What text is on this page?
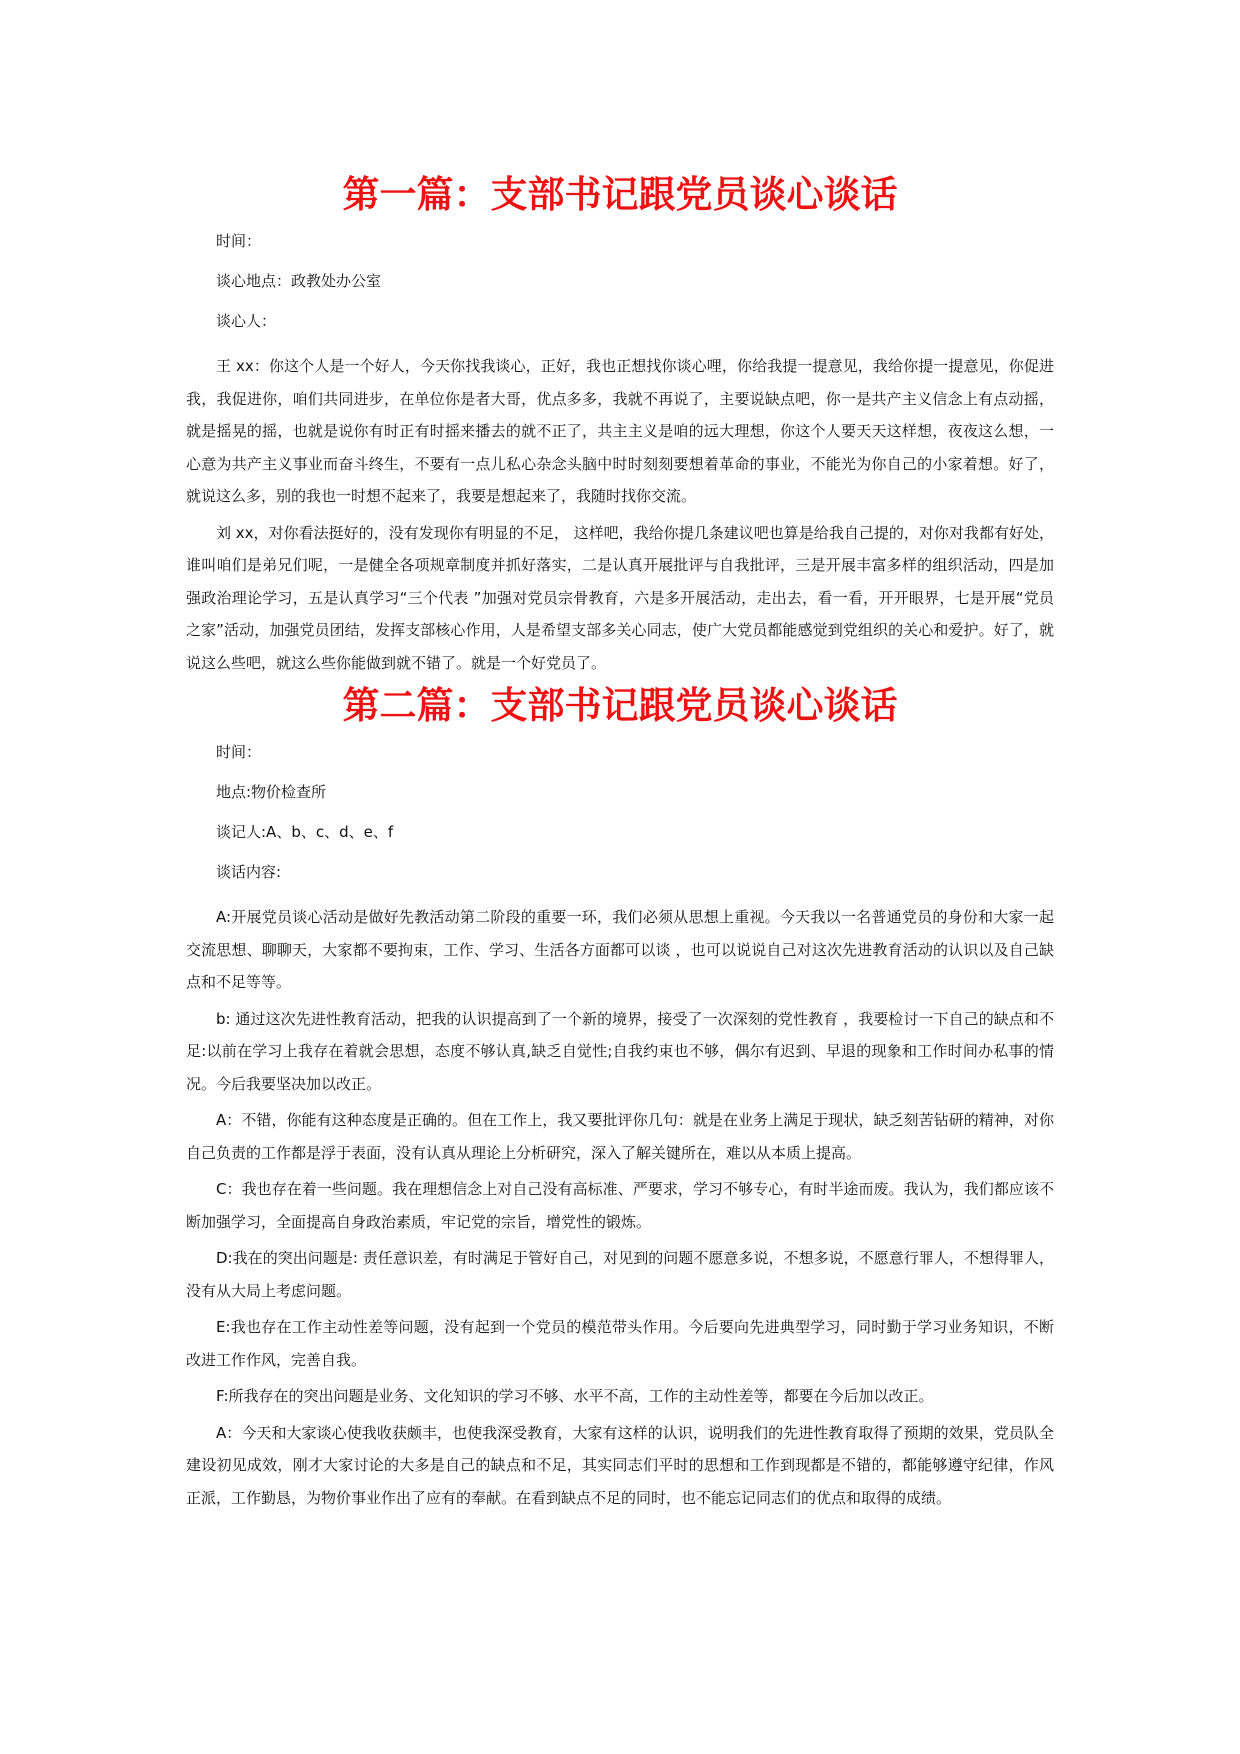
第一篇：支部书记跟党员谈心谈话

时间：

谈心地点：政教处办公室

谈心人：

王 xx：你这个人是一个好人，今天你找我谈心，正好，我也正想找你谈心哩，你给我提一提意见，我给你提一提意见，你促进我，我促进你，咱们共同进步，在单位你是者大哥，优点多多，我就不再说了，主要说缺点吧，你一是共产主义信念上有点动摇，就是摇晃的摇，也就是说你有时正有时摇来播去的就不正了，共主主义是咱的远大理想，你这个人要天天这样想，夜夜这么想，一心意为共产主义事业而奋斗终生，不要有一点儿私心杂念头脑中时时刻刻要想着革命的事业，不能光为你自己的小家着想。好了，就说这么多，别的我也一时想不起来了，我要是想起来了，我随时找你交流。

刘 xx，对你看法挺好的，没有发现你有明显的不足， 这样吧，我给你提几条建议吧也算是给我自己提的，对你对我都有好处，谁叫咱们是弟兄们呢，一是健全各项规章制度并抓好落实，二是认真开展批评与自我批评，三是开展丰富多样的组织活动，四是加强政治理论学习，五是认真学习“三个代表 ”加强对党员宗骨教育，六是多开展活动，走出去，看一看，开开眼界，七是开展“党员之家”活动，加强党员团结，发挥支部核心作用，人是希望支部多关心同志，使广大党员都能感觉到党组织的关心和爱护。好了，就说这么些吧，就这么些你能做到就不错了。就是一个好党员了。

第二篇：支部书记跟党员谈心谈话

时间：

地点:物价检查所

谈记人:A、b、c、d、e、f

谈话内容:

A:开展党员谈心活动是做好先教活动第二阶段的重要一环，我们必须从思想上重视。今天我以一名普通党员的身份和大家一起交流思想、聊聊天，大家都不要拘束，工作、学习、生活各方面都可以谈 ，也可以说说自己对这次先进教育活动的认识以及自己缺点和不足等等。

b: 通过这次先进性教育活动，把我的认识提高到了一个新的境界，接受了一次深刻的党性教育 ，我要检讨一下自己的缺点和不足:以前在学习上我存在着就会思想，态度不够认真,缺乏自觉性;自我约束也不够，偶尔有迟到、早退的现象和工作时间办私事的情况。今后我要坚决加以改正。

A：不错，你能有这种态度是正确的。但在工作上，我又要批评你几句：就是在业务上满足于现状，缺乏刻苦钻研的精神，对你自己负责的工作都是浮于表面，没有认真从理论上分析研究，深入了解关键所在，难以从本质上提高。

C：我也存在着一些问题。我在理想信念上对自己没有高标准、严要求，学习不够专心，有时半途而废。我认为，我们都应该不断加强学习，全面提高自身政治素质，牢记党的宗旨，增党性的锻炼。

D:我在的突出问题是: 责任意识差，有时满足于管好自己，对见到的问题不愿意多说，不想多说，不愿意行罪人，不想得罪人，没有从大局上考虑问题。

E:我也存在工作主动性差等问题，没有起到一个党员的模范带头作用。今后要向先进典型学习，同时勤于学习业务知识，不断改进工作作风，完善自我。

F:所我存在的突出问题是业务、文化知识的学习不够、水平不高，工作的主动性差等，都要在今后加以改正。

A：今天和大家谈心使我收获颇丰，也使我深受教育，大家有这样的认识，说明我们的先进性教育取得了预期的效果，党员队全建设初见成效，刚才大家讨论的大多是自己的缺点和不足，其实同志们平时的思想和工作到现都是不错的，都能够遵守纪律，作风正派，工作勤恳，为物价事业作出了应有的奉献。在看到缺点不足的同时，也不能忘记同志们的优点和取得的成绩。
